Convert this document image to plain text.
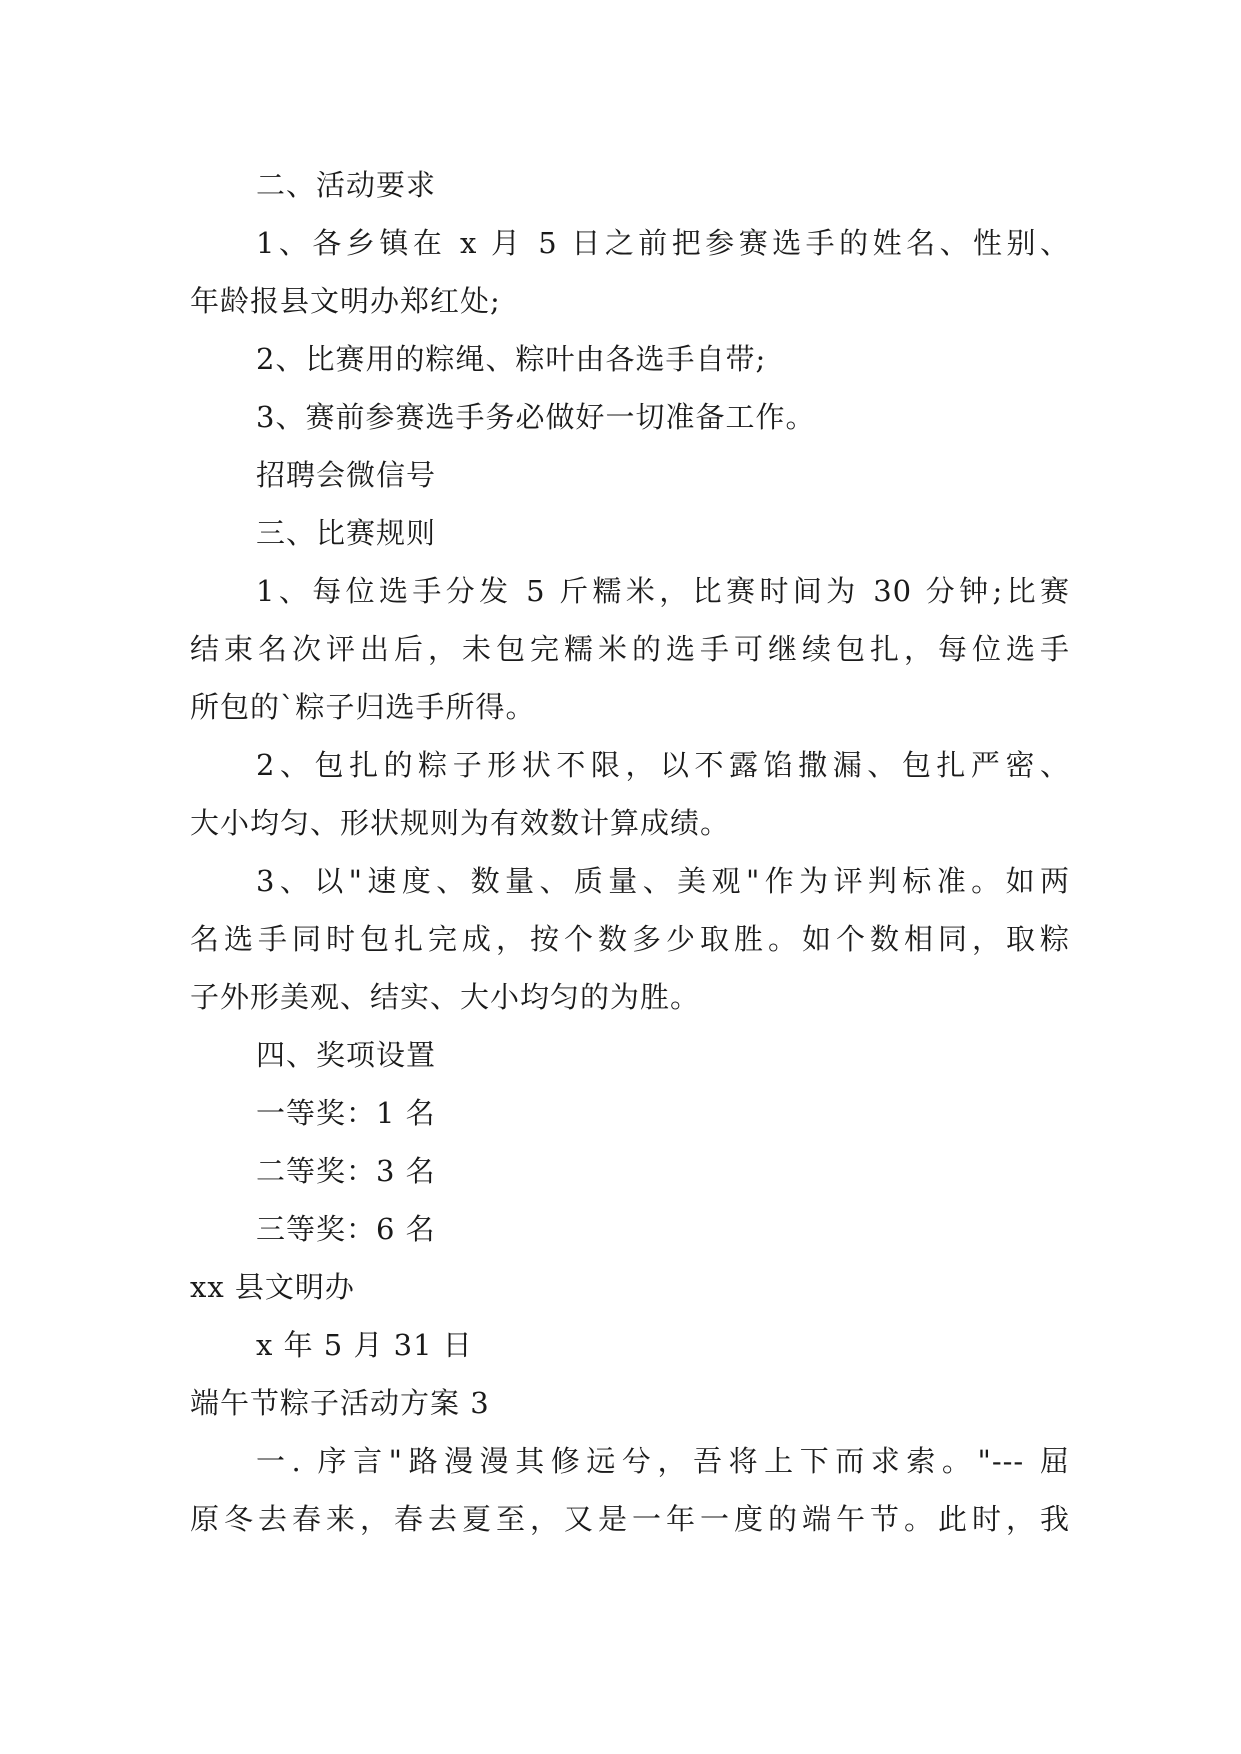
二、活动要求
1、各乡镇在 x 月 5 日之前把参赛选手的姓名、性别、
年龄报县文明办郑红处;
2、比赛用的粽绳、粽叶由各选手自带;
3、赛前参赛选手务必做好一切准备工作。
招聘会微信号
三、比赛规则
1、每位选手分发 5 斤糯米，比赛时间为 30 分钟;比赛
结束名次评出后，未包完糯米的选手可继续包扎，每位选手
所包的`粽子归选手所得。
2、包扎的粽子形状不限，以不露馅撒漏、包扎严密、
大小均匀、形状规则为有效数计算成绩。
3、以"速度、数量、质量、美观"作为评判标准。如两
名选手同时包扎完成，按个数多少取胜。如个数相同，取粽
子外形美观、结实、大小均匀的为胜。
四、奖项设置
一等奖：1 名
二等奖：3 名
三等奖：6 名
xx 县文明办
x 年 5 月 31 日
端午节粽子活动方案 3
一. 序言"路漫漫其修远兮，吾将上下而求索。"--- 屈
原冬去春来，春去夏至，又是一年一度的端午节。此时，我
